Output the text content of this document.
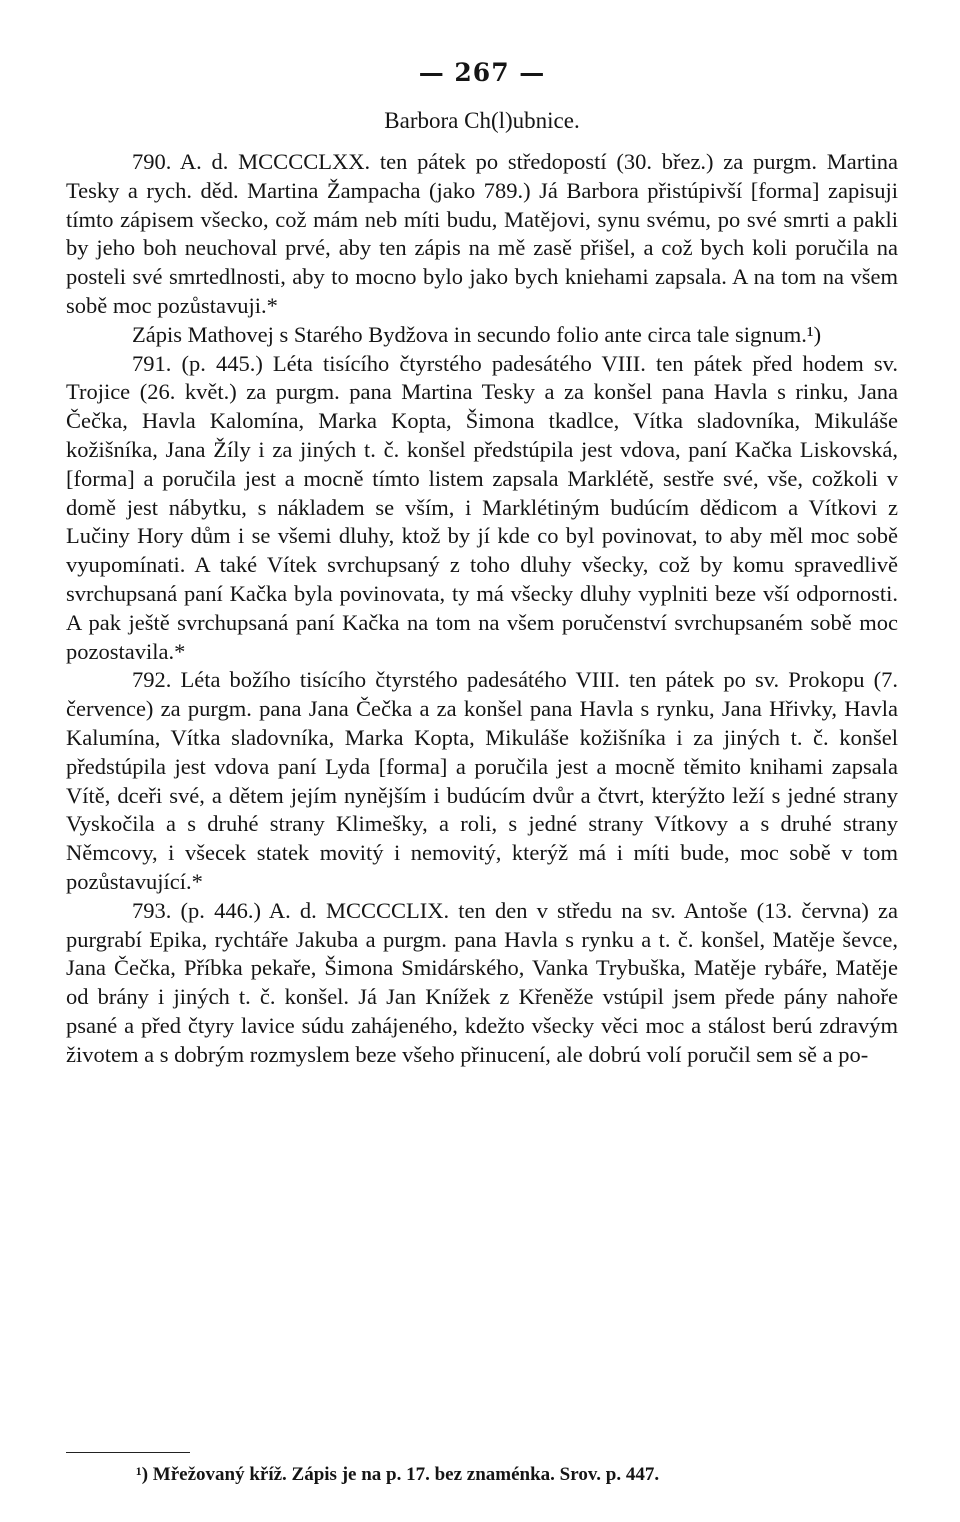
— 267 —
Barbora Ch(l)ubnice.

790. A. d. MCCCCLXX. ten pátek po středopostí (30. břez.) za purgm. Martina Tesky a rych. děd. Martina Žampacha (jako 789.) Já Barbora přistúpivší [forma] zapisuji tímto zápisem všecko, což mám neb míti budu, Matějovi, synu svému, po své smrti a pakli by jeho boh neuchoval prvé, aby ten zápis na mě zasě přišel, a což bych koli poručila na posteli své smrtedlnosti, aby to mocno bylo jako bych kniehami zapsala. A na tom na všem sobě moc pozůstavuji.*

Zápis Mathovej s Starého Bydžova in secundo folio ante circa tale signum.¹)

791. (p. 445.) Léta tisícího čtyrstého padesátého VIII. ten pátek před hodem sv. Trojice (26. květ.) za purgm. pana Martina Tesky a za konšel pana Havla s rinku, Jana Čečka, Havla Kalomína, Marka Kopta, Šimona tkadlce, Vítka sladovníka, Mikuláše kožišníka, Jana Žíly i za jiných t. č. konšel předstúpila jest vdova, paní Kačka Liskovská, [forma] a poručila jest a mocně tímto listem zapsala Marklétě, sestře své, vše, cožkoli v domě jest nábytku, s nákladem se vším, i Marklétiným budúcím dědicom a Vítkovi z Lučiny Hory dům i se všemi dluhy, ktož by jí kde co byl povinovat, to aby měl moc sobě vyupomínati. A také Vítek svrchupsaný z toho dluhy všecky, což by komu spravedlivě svrchupsaná paní Kačka byla povinovata, ty má všecky dluhy vyplniti beze vší odpornosti. A pak ještě svrchupsaná paní Kačka na tom na všem poručenství svrchupsaném sobě moc pozostavila.*

792. Léta božího tisícího čtyrstého padesátého VIII. ten pátek po sv. Prokopu (7. července) za purgm. pana Jana Čečka a za konšel pana Havla s rynku, Jana Hřivky, Havla Kalumína, Vítka sladovníka, Marka Kopta, Mikuláše kožišníka i za jiných t. č. konšel předstúpila jest vdova paní Lyda [forma] a poručila jest a mocně těmito knihami zapsala Vítě, dceři své, a dětem jejím nynějším i budúcím dvůr a čtvrt, kterýžto leží s jedné strany Vyskočila a s druhé strany Klimešky, a roli, s jedné strany Vítkovy a s druhé strany Němcovy, i všecek statek movitý i nemovitý, kterýž má i míti bude, moc sobě v tom pozůstavující.*

793. (p. 446.) A. d. MCCCCLIX. ten den v středu na sv. Antoše (13. června) za purgrabí Epika, rychtáře Jakuba a purgm. pana Havla s rynku a t. č. konšel, Matěje ševce, Jana Čečka, Příbka pekaře, Šimona Smidárského, Vanka Trybuška, Matěje rybáře, Matěje od brány i jiných t. č. konšel. Já Jan Knížek z Křeněže vstúpil jsem přede pány nahoře psané a před čtyry lavice súdu zahájeného, kdežto všecky věci moc a stálost berú zdravým životem a s dobrým rozmyslem beze všeho přinucení, ale dobrú volí poručil sem sě a po-

¹) Mřežovaný kříž. Zápis je na p. 17. bez znaménka. Srov. p. 447.
